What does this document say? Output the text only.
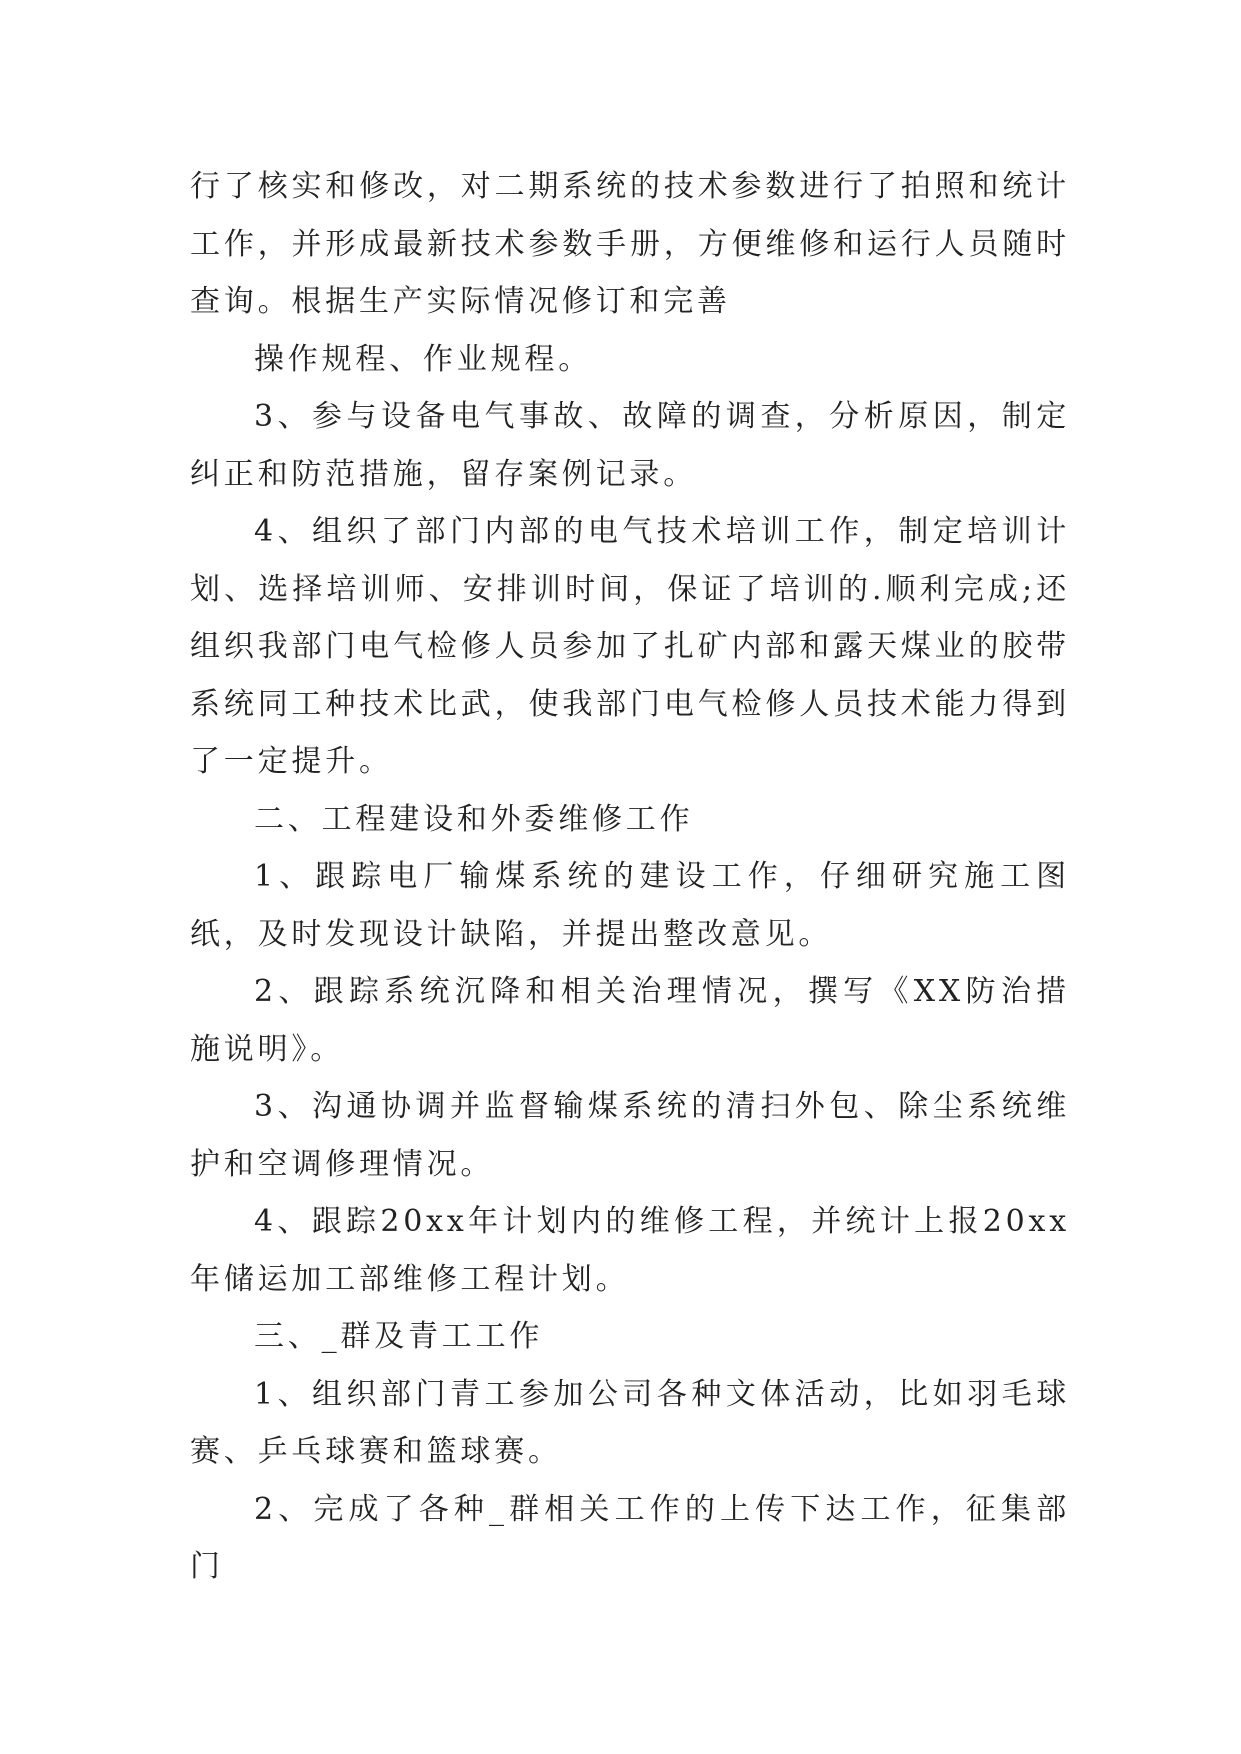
行了核实和修改，对二期系统的技术参数进行了拍照和统计工作，并形成最新技术参数手册，方便维修和运行人员随时查询。根据生产实际情况修订和完善

操作规程、作业规程。

3、参与设备电气事故、故障的调查，分析原因，制定纠正和防范措施，留存案例记录。

4、组织了部门内部的电气技术培训工作，制定培训计划、选择培训师、安排训时间，保证了培训的.顺利完成;还组织我部门电气检修人员参加了扎矿内部和露天煤业的胶带系统同工种技术比武，使我部门电气检修人员技术能力得到了一定提升。

二、工程建设和外委维修工作

1、跟踪电厂输煤系统的建设工作，仔细研究施工图纸，及时发现设计缺陷，并提出整改意见。

2、跟踪系统沉降和相关治理情况，撰写《XX防治措施说明》。

3、沟通协调并监督输煤系统的清扫外包、除尘系统维护和空调修理情况。

4、跟踪20xx年计划内的维修工程，并统计上报20xx年储运加工部维修工程计划。

三、_群及青工工作

1、组织部门青工参加公司各种文体活动，比如羽毛球赛、乒乓球赛和篮球赛。

2、完成了各种_群相关工作的上传下达工作，征集部门
